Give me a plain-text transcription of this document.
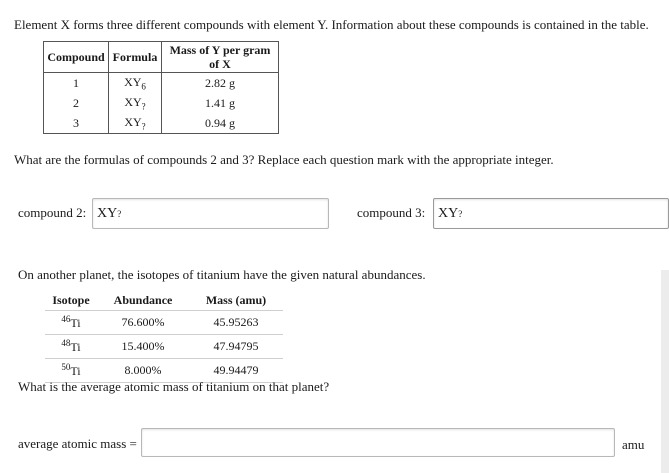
Element X forms three different compounds with element Y. Information about these compounds is contained in the table.
Compound	Formula	Mass of Y per gram
of X
1	$XY_6$	2.82 g
2	$XY_?$	1.41 g
3	$XY_?$	0.94 g
What are the formulas of compounds 2 and 3? Replace each question mark with the appropriate integer.
compound 2: XY ?	compound 3: XY ?
On another planet, the isotopes of titanium have the given natural abundances.
Isotope	Abundance	Mass (amu)
$^{46}$Ti	76.600%	45.95263
$^{48}$Ti	15.400%	47.94795
$^{50}$Ti	8.000%	49.94479
What is the average atomic mass of titanium on that planet?
average atomic mass =	amu
